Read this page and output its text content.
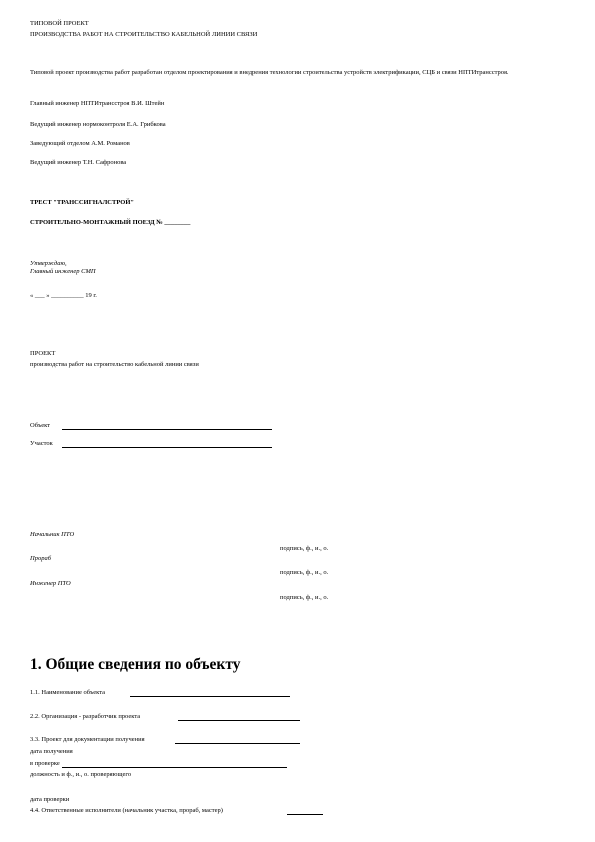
ТИПОВОЙ ПРОЕКТ
ПРОИЗВОДСТВА РАБОТ НА СТРОИТЕЛЬСТВО КАБЕЛЬНОЙ ЛИНИИ СВЯЗИ
Типовой проект производства работ разработан отделом проектирования и внедрения технологии строительства устройств электрификации, СЦБ и связи НПТИтрансстроя.
Главный инженер НПТИтрансстроя В.И. Штейн
Ведущий инженер нормоконтроля Е.А. Грибкова
Заведующий отделом А.М. Романов
Ведущий инженер Т.Н. Сафронова
ТРЕСТ "ТРАНССИГНАЛСТРОЙ"
СТРОИТЕЛЬНО-МОНТАЖНЫЙ ПОЕЗД № ________
Утверждаю,
Главный инженер СМП
« ___ » __________ 19 г.
ПРОЕКТ
производства работ на строительство кабельной линии связи
Объект
Участок
Начальник ПТО
подпись, ф., и., о.
Прораб
подпись, ф., и., о.
Инженер ПТО
подпись, ф., и., о.
1. Общие сведения по объекту
1.1. Наименование объекта
2.2. Организация - разработчик проекта
3.3. Проект для документации получения
дата получения
в проверке
должность и ф., и., о. проверяющего
дата проверки
4.4. Ответственные исполнители (начальник участка, прораб, мастер)
